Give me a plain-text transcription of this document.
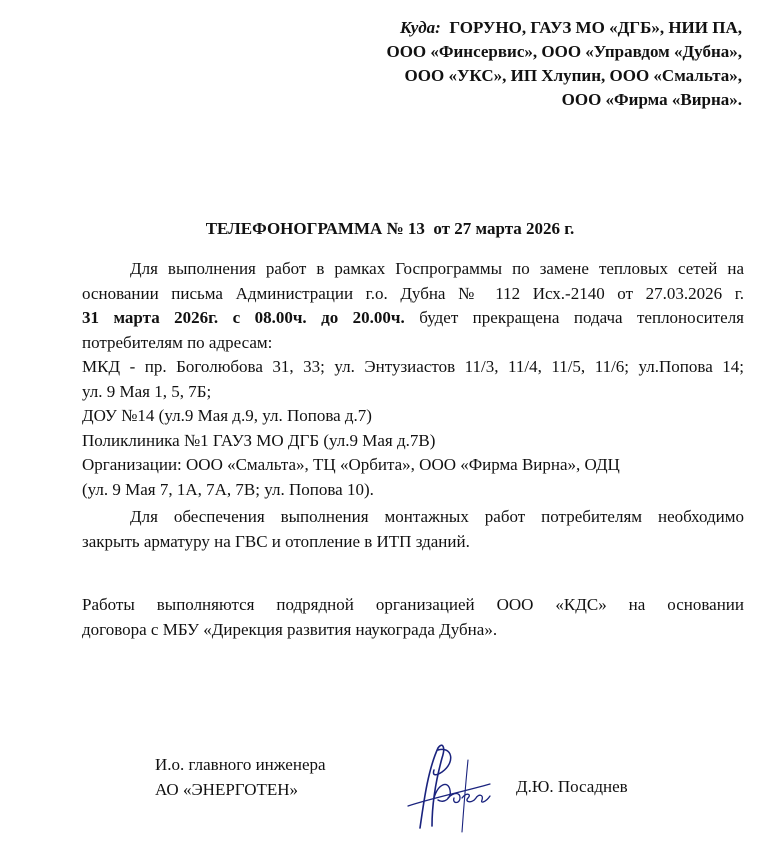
Куда: ГОРУНО, ГАУЗ МО «ДГБ», НИИ ПА,
ООО «Финсервис», ООО «Управдом «Дубна»,
ООО «УКС», ИП Хлупин, ООО «Смальта»,
ООО «Фирма «Вирна».
ТЕЛЕФОНОГРАММА № 13  от 27 марта 2026 г.
Для выполнения работ в рамках Госпрограммы по замене тепловых сетей на
основании письма Администрации г.о. Дубна № 112 Исх.-2140 от 27.03.2026 г.
31 марта 2026г. с 08.00ч. до 20.00ч. будет прекращена подача теплоносителя
потребителям по адресам:
МКД - пр. Боголюбова 31, 33; ул. Энтузиастов 11/3, 11/4, 11/5, 11/6; ул.Попова 14;
ул. 9 Мая 1, 5, 7Б;
ДОУ №14 (ул.9 Мая д.9, ул. Попова д.7)
Поликлиника №1 ГАУЗ МО ДГБ (ул.9 Мая д.7В)
Организации: ООО «Смальта», ТЦ «Орбита», ООО «Фирма Вирна», ОДЦ
(ул. 9 Мая 7, 1А, 7А, 7В; ул. Попова 10).
Для обеспечения выполнения монтажных работ потребителям необходимо
закрыть арматуру на ГВС и отопление в ИТП зданий.
Работы выполняются подрядной организацией ООО «КДС» на основании
договора с МБУ «Дирекция развития наукограда Дубна».
И.о. главного инженера
АО «ЭНЕРГОТЕН»	Д.Ю. Посаднев
